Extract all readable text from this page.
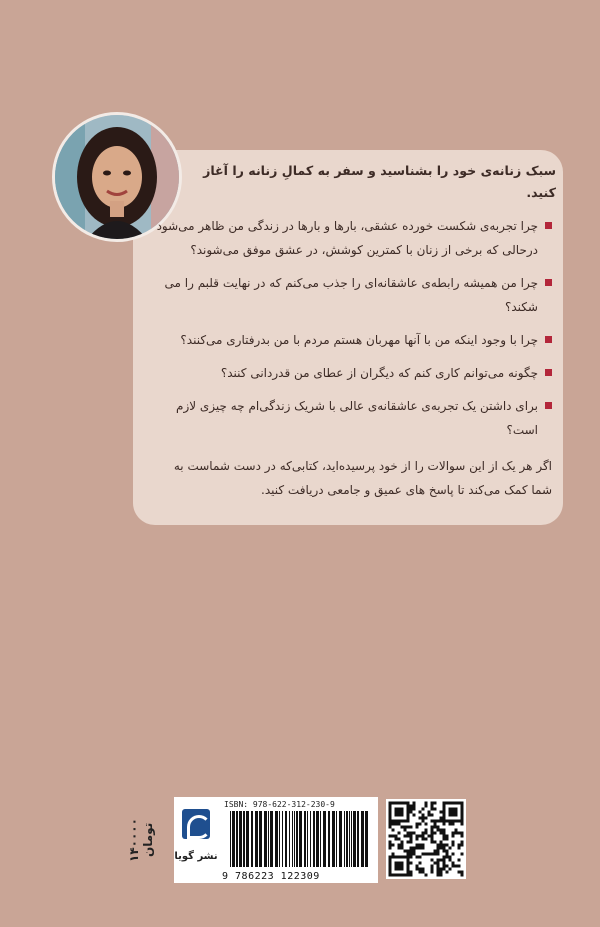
سبک زنانه‌ی خود را بشناسید و سفر به کمالِ زنانه را آغاز کنید.

چرا تجربه‌ی شکست خورده عشقی، بارها و بارها در زندگی من ظاهر می‌شود درحالی که برخی از زنان با کمترین کوشش، در عشق موفق می‌شوند؟
چرا من همیشه رابطه‌ی عاشقانه‌ای را جذب می‌کنم که در نهایت قلبم را می شکند؟
چرا با وجود اینکه من با آنها مهربان هستم مردم با من بدرفتاری می‌کنند؟
چگونه می‌توانم کاری کنم که دیگران از عطای من قدردانی کنند؟
برای داشتن یک تجربه‌ی عاشقانه‌ی عالی با شریک زندگی‌ام چه چیزی لازم است؟

اگر هر یک از این سوالات را از خود پرسیده‌اید، کتابی‌که در دست شماست به شما کمک می‌کند تا پاسخ های عمیق و جامعی دریافت کنید.

ISBN: 978-622-312-230-9
9 786223 122309
نشر گویا
۱۴۰۰۰۰ تومان
